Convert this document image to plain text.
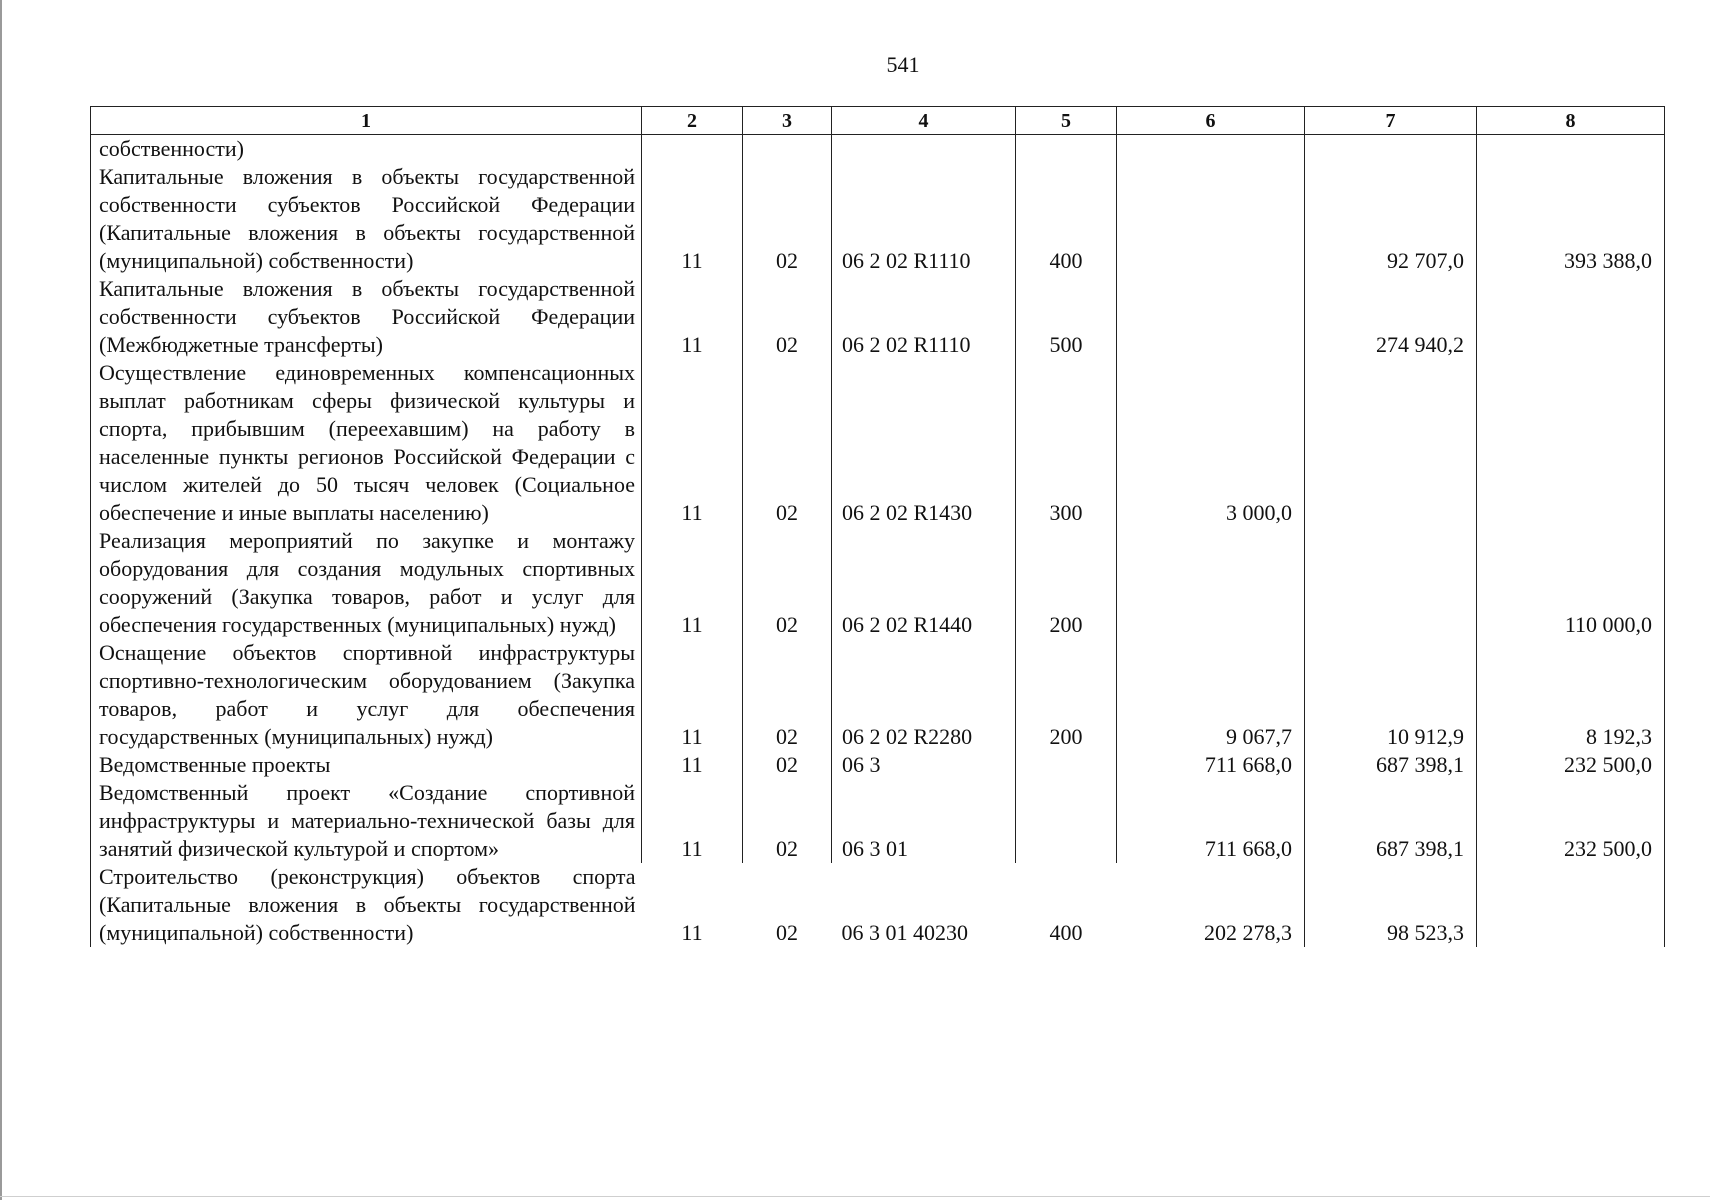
541
1	2	3	4	5	6	7	8
собственности)							
Капитальные вложения в объекты государственной собственности субъектов Российской Федерации (Капитальные вложения в объекты государственной (муниципальной) собственности)	11	02	06 2 02 R1110	400		92 707,0	393 388,0
Капитальные вложения в объекты государственной собственности субъектов Российской Федерации (Межбюджетные трансферты)	11	02	06 2 02 R1110	500		274 940,2	
Осуществление единовременных компенсационных выплат работникам сферы физической культуры и спорта, прибывшим (переехавшим) на работу в населенные пункты регионов Российской Федерации с числом жителей до 50 тысяч человек (Социальное обеспечение и иные выплаты населению)	11	02	06 2 02 R1430	300	3 000,0		
Реализация мероприятий по закупке и монтажу оборудования для создания модульных спортивных сооружений (Закупка товаров, работ и услуг для обеспечения государственных (муниципальных) нужд)	11	02	06 2 02 R1440	200			110 000,0
Оснащение объектов спортивной инфраструктуры спортивно-технологическим оборудованием (Закупка товаров, работ и услуг для обеспечения государственных (муниципальных) нужд)	11	02	06 2 02 R2280	200	9 067,7	10 912,9	8 192,3
Ведомственные проекты	11	02	06 3		711 668,0	687 398,1	232 500,0
Ведомственный проект «Создание спортивной инфраструктуры и материально-технической базы для занятий физической культурой и спортом»	11	02	06 3 01		711 668,0	687 398,1	232 500,0
Строительство (реконструкция) объектов спорта (Капитальные вложения в объекты государственной (муниципальной) собственности)	11	02	06 3 01 40230	400	202 278,3	98 523,3	
